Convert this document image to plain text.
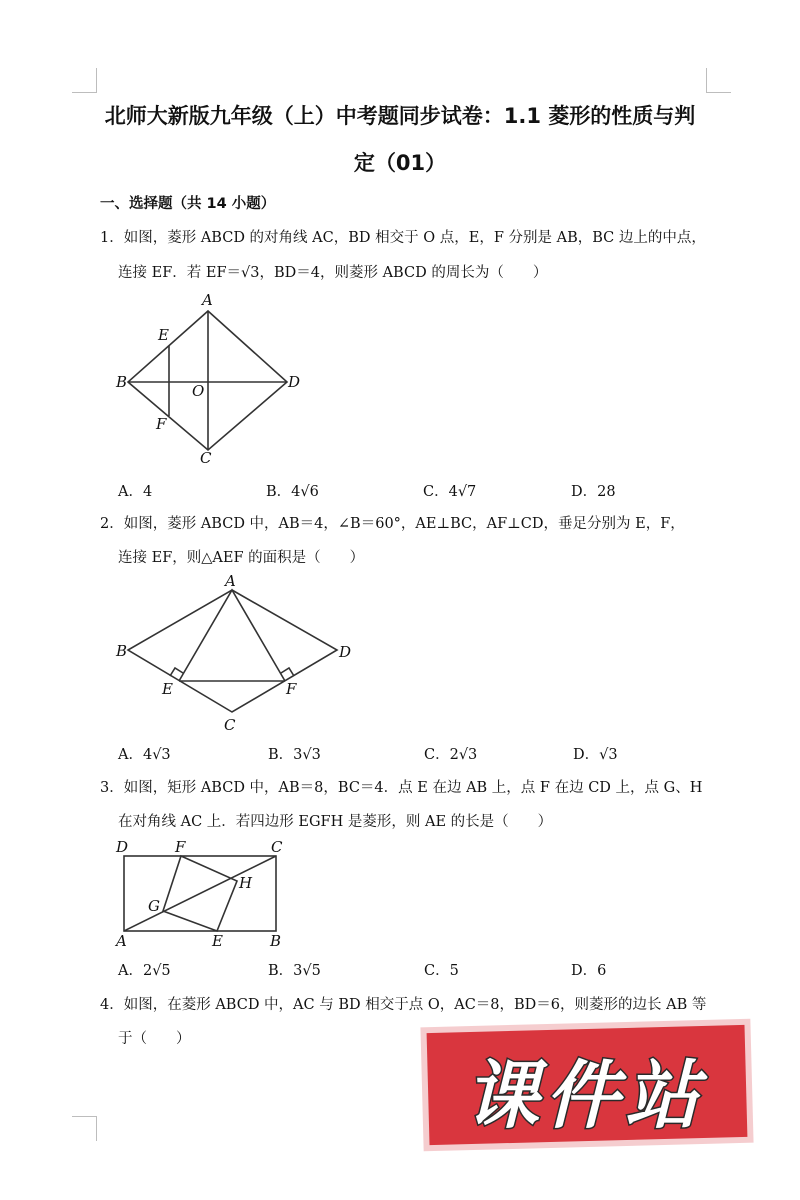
北师大新版九年级（上）中考题同步试卷：1.1 菱形的性质与判
定（01）
一、选择题（共 14 小题）
1．如图，菱形 ABCD 的对角线 AC，BD 相交于 O 点，E，F 分别是 AB，BC 边上的中点，
连接 EF．若 EF＝√3，BD＝4，则菱形 ABCD 的周长为（　　）
A
B
C
D
E
F
O
A．4	B．4√6	C．4√7	D．28
2．如图，菱形 ABCD 中，AB＝4，∠B＝60°，AE⊥BC，AF⊥CD，垂足分别为 E，F，
连接 EF，则△AEF 的面积是（　　）
A
B
C
D
E	F
A．4√3	B．3√3	C．2√3	D．√3
3．如图，矩形 ABCD 中，AB＝8，BC＝4．点 E 在边 AB 上，点 F 在边 CD 上，点 G、H
在对角线 AC 上．若四边形 EGFH 是菱形，则 AE 的长是（　　）
D	F	C
H
G
A	E	B
A．2√5	B．3√5	C．5	D．6
4．如图，在菱形 ABCD 中，AC 与 BD 相交于点 O，AC＝8，BD＝6，则菱形的边长 AB 等
于（　　）
课件站
